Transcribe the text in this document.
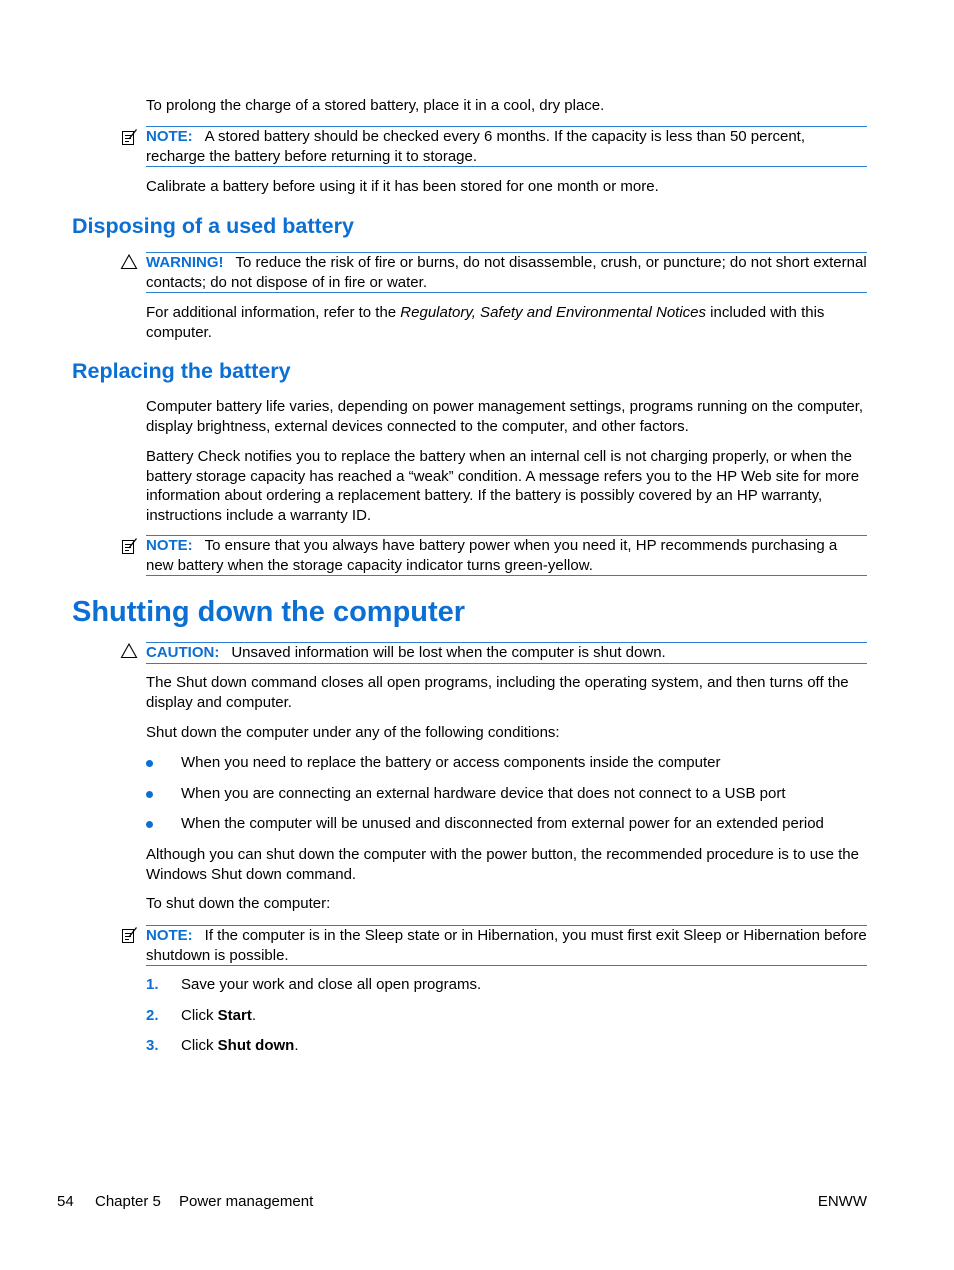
To prolong the charge of a stored battery, place it in a cool, dry place.

NOTE: A stored battery should be checked every 6 months. If the capacity is less than 50 percent, recharge the battery before returning it to storage.

Calibrate a battery before using it if it has been stored for one month or more.

Disposing of a used battery
WARNING! To reduce the risk of fire or burns, do not disassemble, crush, or puncture; do not short external contacts; do not dispose of in fire or water.

For additional information, refer to the Regulatory, Safety and Environmental Notices included with this computer.

Replacing the battery

Computer battery life varies, depending on power management settings, programs running on the computer, display brightness, external devices connected to the computer, and other factors.

Battery Check notifies you to replace the battery when an internal cell is not charging properly, or when the battery storage capacity has reached a “weak” condition. A message refers you to the HP Web site for more information about ordering a replacement battery. If the battery is possibly covered by an HP warranty, instructions include a warranty ID.

NOTE: To ensure that you always have battery power when you need it, HP recommends purchasing a new battery when the storage capacity indicator turns green-yellow.
Shutting down the computer
CAUTION: Unsaved information will be lost when the computer is shut down.

The Shut down command closes all open programs, including the operating system, and then turns off the display and computer.

Shut down the computer under any of the following conditions:

When you need to replace the battery or access components inside the computer

When you are connecting an external hardware device that does not connect to a USB port

When the computer will be unused and disconnected from external power for an extended period

Although you can shut down the computer with the power button, the recommended procedure is to use the Windows Shut down command.

To shut down the computer:

NOTE: If the computer is in the Sleep state or in Hibernation, you must first exit Sleep or Hibernation before shutdown is possible.
1. Save your work and close all open programs.

2. Click Start.

3. Click Shut down.

54 Chapter 5 Power management	ENWW
